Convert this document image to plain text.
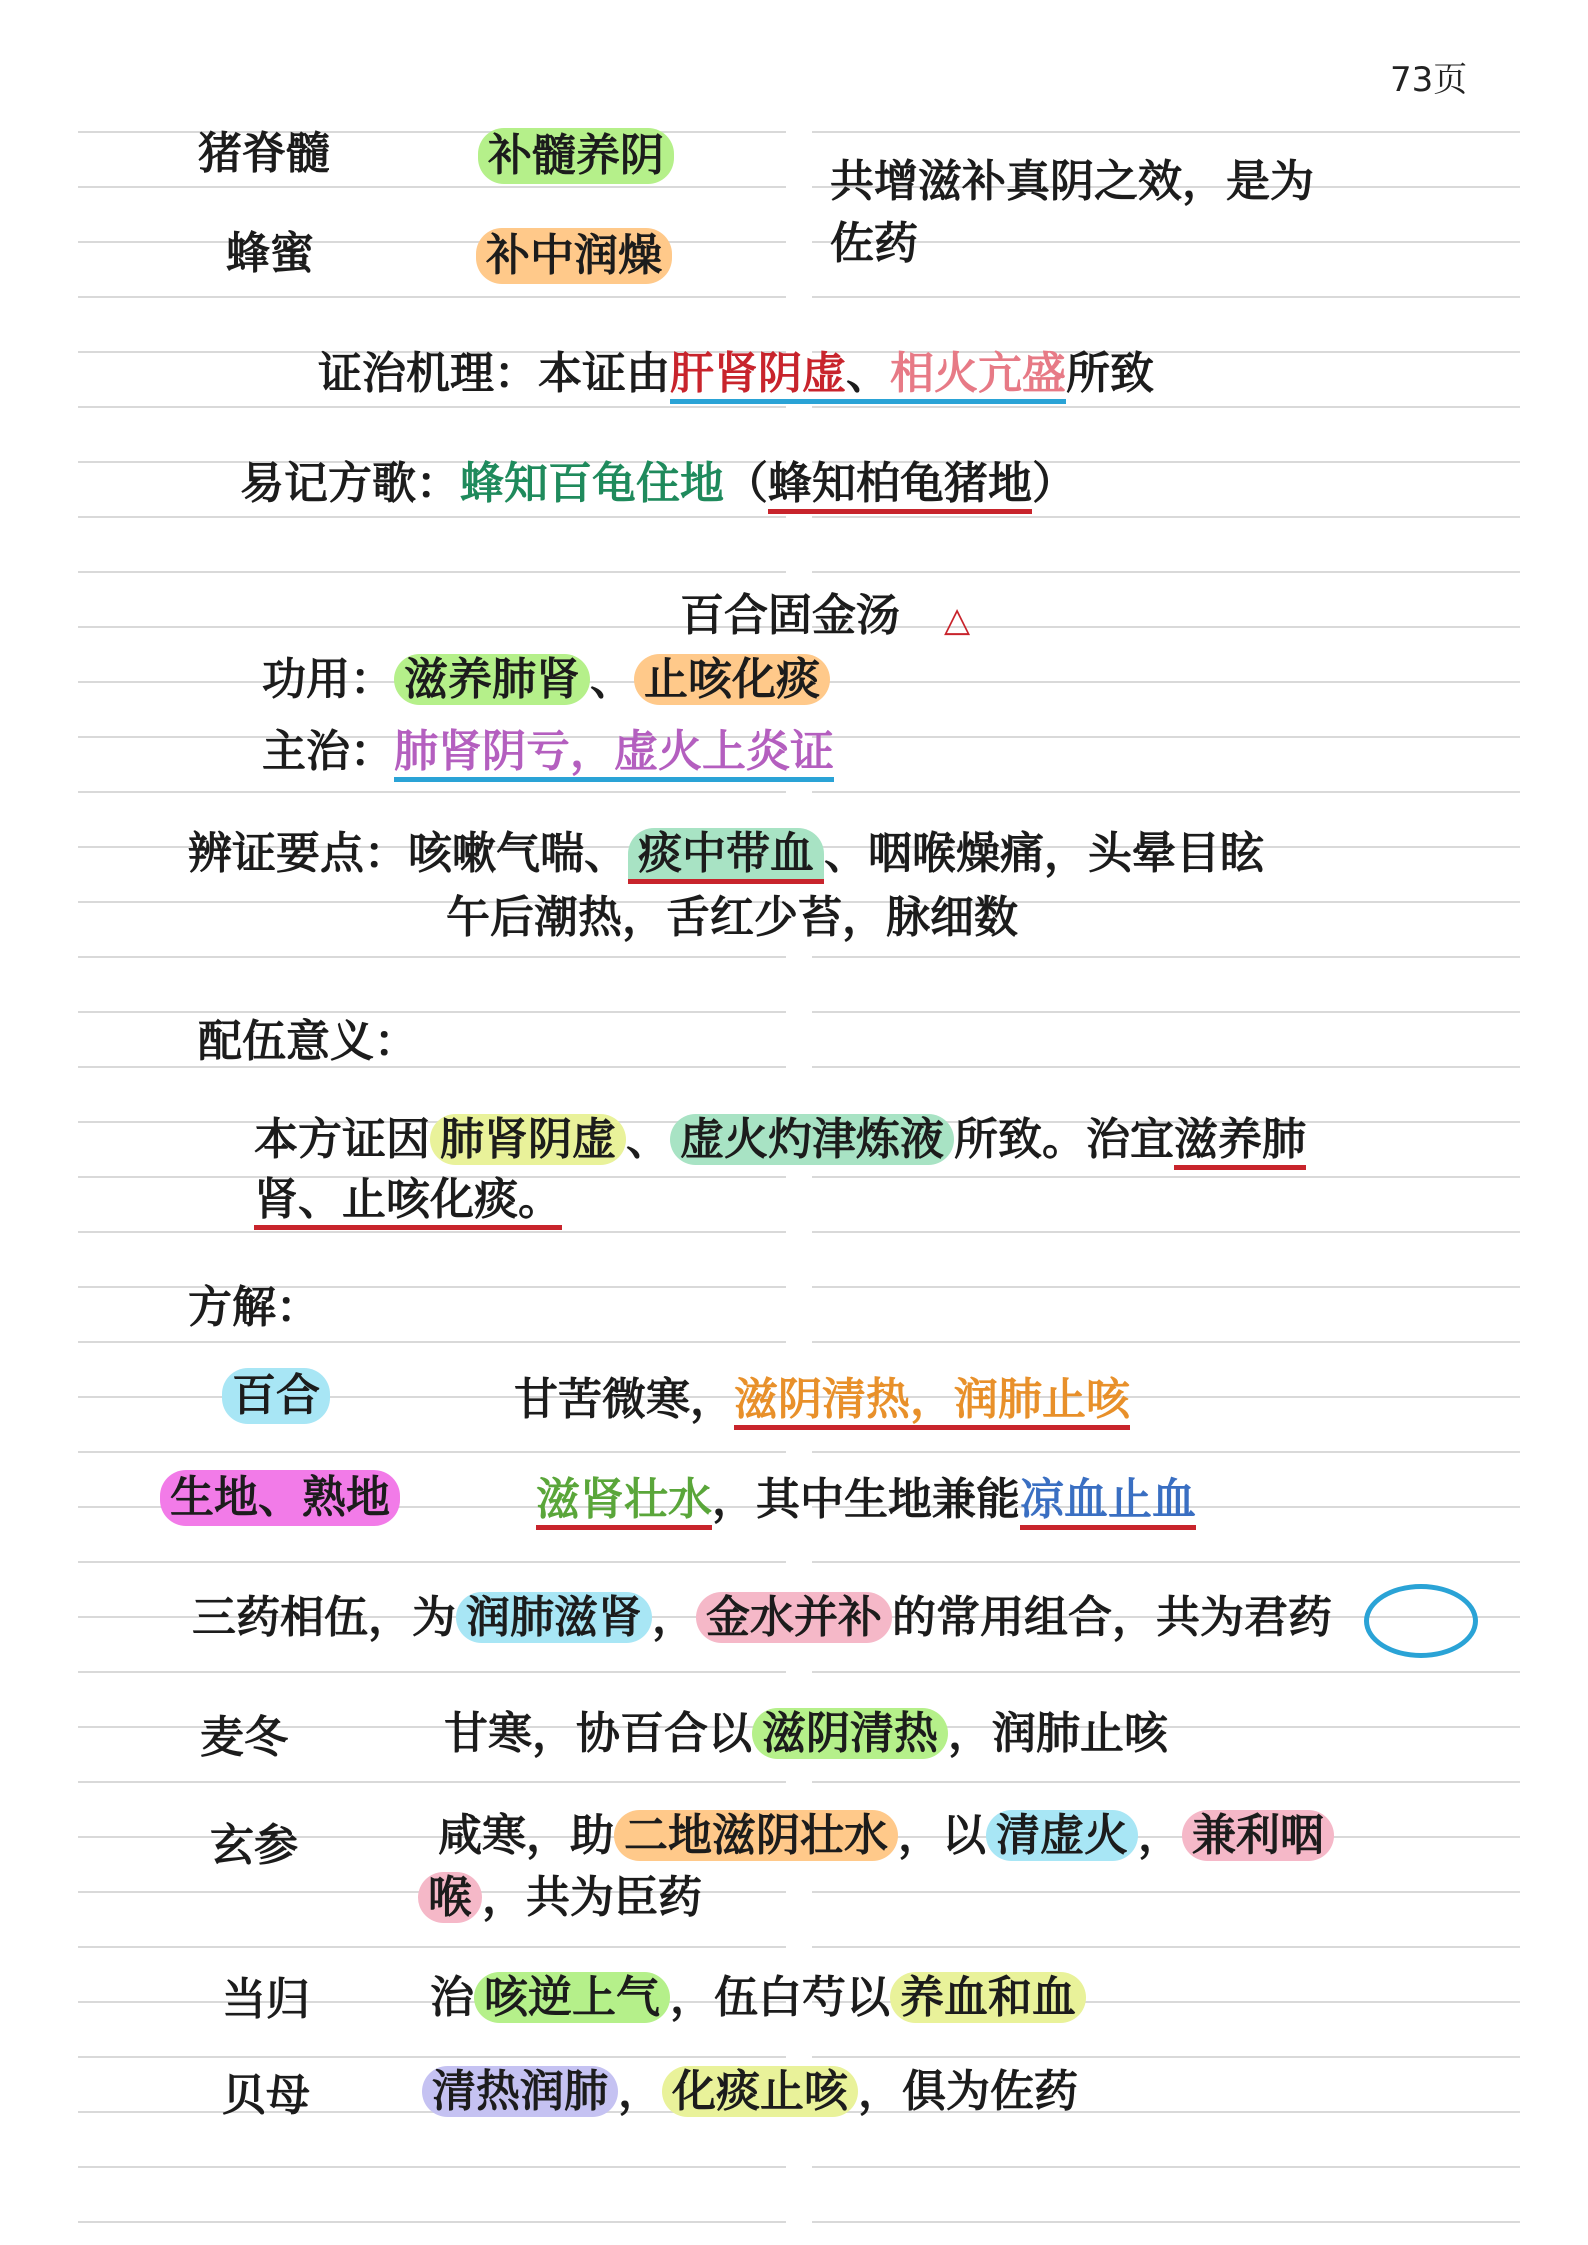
73页
猪脊髓	补髓养阴
蜂蜜	补中润燥
共增滋补真阴之效，是为
佐药
证治机理：本证由肝肾阴虚、相火亢盛所致
易记方歌：蜂知百龟住地（蜂知柏龟猪地）
百合固金汤 △
功用： 滋养肺肾 、 止咳化痰
主治：肺肾阴亏，虚火上炎证
辨证要点：咳嗽气喘、 痰中带血 、咽喉燥痛，头晕目眩
午后潮热，舌红少苔，脉细数
配伍意义：
本方证因 肺肾阴虚 、 虚火灼津炼液 所致。治宜滋养肺
肾、止咳化痰。
方解：
百合	甘苦微寒，滋阴清热，润肺止咳
生地、熟地	滋肾壮水，其中生地兼能凉血止血
三药相伍，为 润肺滋肾 ， 金水并补 的常用组合，共为君药
麦冬	甘寒，协百合以 滋阴清热 ，润肺止咳
玄参	咸寒，助 二地滋阴壮水 ，以 清虚火 ， 兼利咽
喉 ，共为臣药
当归	治 咳逆上气 ，伍白芍以 养血和血
贝母	清热润肺 ， 化痰止咳 ，俱为佐药
